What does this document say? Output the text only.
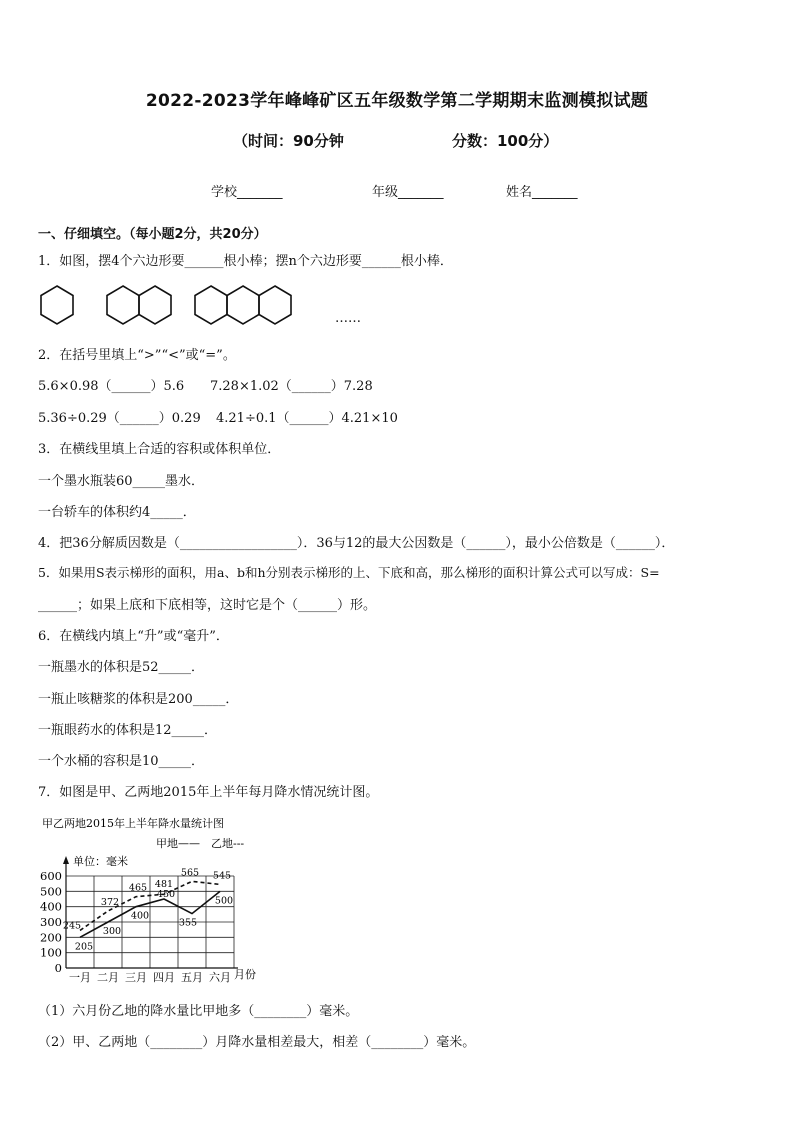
2022-2023学年峰峰矿区五年级数学第二学期期末监测模拟试题
（时间：90分钟	分数：100分）
学校_______	年级_______	姓名_______
一、仔细填空。（每小题2分，共20分）
1．如图，摆4个六边形要______根小棒；摆n个六边形要______根小棒．
……
2．在括号里填上“>”“<”或“=”。
5.6×0.98（______）5.6 7.28×1.02（______）7.28
5.36÷0.29（______）0.29 4.21÷0.1（______）4.21×10
3．在横线里填上合适的容积或体积单位．
一个墨水瓶装60_____墨水．
一台轿车的体积约4_____．
4．把36分解质因数是（__________________）．36与12的最大公因数是（______），最小公倍数是（______）．
5．如果用S表示梯形的面积，用a、b和h分别表示梯形的上、下底和高，那么梯形的面积计算公式可以写成：S=
______；如果上底和下底相等，这时它是个（______）形。
6．在横线内填上“升”或“毫升”．
一瓶墨水的体积是52_____．
一瓶止咳糖浆的体积是200_____．
一瓶眼药水的体积是12_____．
一个水桶的容积是10_____．
7．如图是甲、乙两地2015年上半年每月降水情况统计图。
甲乙两地2015年上半年降水量统计图
甲地—— 乙地---
单位：毫米
0
100
200
300
400
500
600
一月 二月 三月 四月 五月 六月
205
300
400
450
355
500
245
372
465 481
565 545
月份
（1）六月份乙地的降水量比甲地多（________）毫米。
（2）甲、乙两地（________）月降水量相差最大，相差（________）毫米。
